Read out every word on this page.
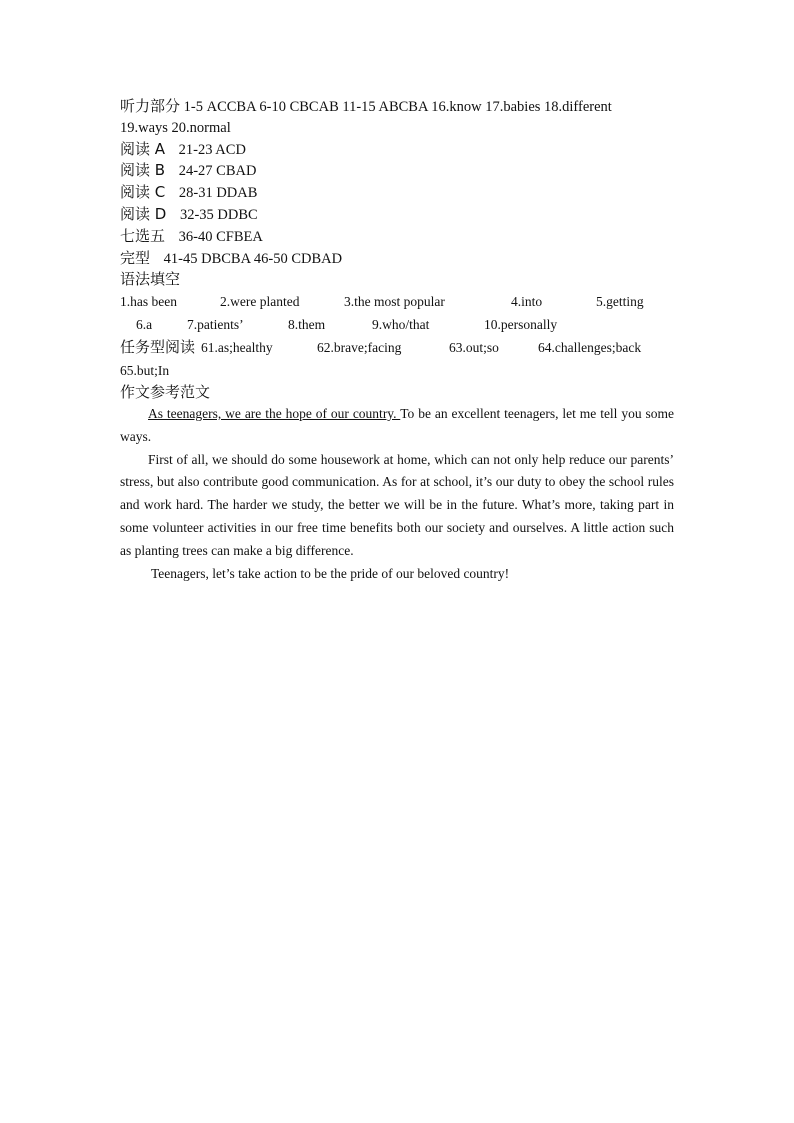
听力部分 1-5 ACCBA 6-10 CBCAB 11-15 ABCBA 16.know 17.babies 18.different
19.ways 20.normal
阅读 A 21-23 ACD
阅读 B 24-27 CBAD
阅读 C 28-31 DDAB
阅读 D 32-35 DDBC
七选五 36-40 CFBEA
完型 41-45 DBCBA 46-50 CDBAD
语法填空
1.has been	2.were planted	3.the most popular	4.into	5.getting
6.a	7.patients’	8.them	9.who/that	10.personally
任务型阅读 61.as;healthy	62.brave;facing	63.out;so	64.challenges;back
65.but;In
作文参考范文

As teenagers, we are the hope of our country. To be an excellent teenagers, let me tell you some ways.

First of all, we should do some housework at home, which can not only help reduce our parents’ stress, but also contribute good communication. As for at school, it’s our duty to obey the school rules and work hard. The harder we study, the better we will be in the future. What’s more, taking part in some volunteer activities in our free time benefits both our society and ourselves. A little action such as planting trees can make a big difference.

Teenagers, let’s take action to be the pride of our beloved country!
